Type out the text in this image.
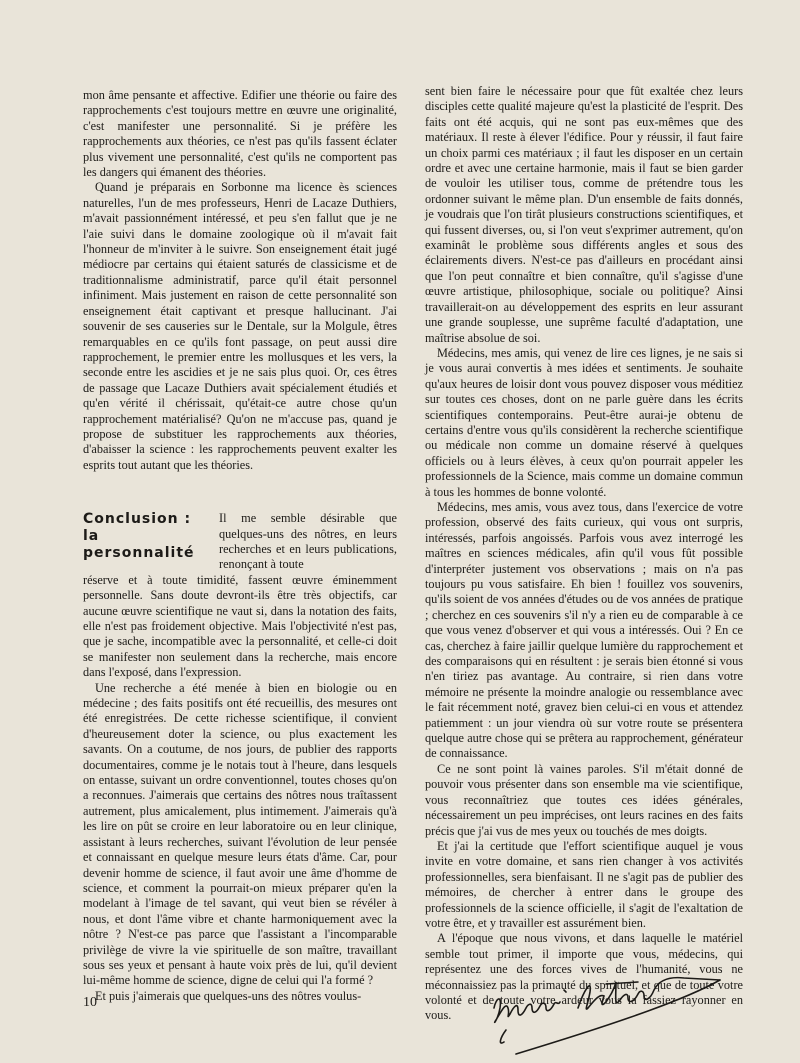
mon âme pensante et affective. Edifier une théorie ou faire des rapprochements c'est toujours mettre en œuvre une originalité, c'est manifester une personnalité. Si je préfère les rapprochements aux théories, ce n'est pas qu'ils fassent éclater plus vivement une personnalité, c'est qu'ils ne comportent pas les dangers qui émanent des théories.

Quand je préparais en Sorbonne ma licence ès sciences naturelles, l'un de mes professeurs, Henri de Lacaze Duthiers, m'avait passionnément intéressé, et peu s'en fallut que je ne l'aie suivi dans le domaine zoologique où il m'avait fait l'honneur de m'inviter à le suivre. Son enseignement était jugé médiocre par certains qui étaient saturés de classicisme et de traditionnalisme administratif, parce qu'il était personnel infiniment. Mais justement en raison de cette personnalité son enseignement était captivant et presque hallucinant. J'ai souvenir de ses causeries sur le Dentale, sur la Molgule, êtres remarquables en ce qu'ils font passage, on peut aussi dire rapprochement, le premier entre les mollusques et les vers, la seconde entre les ascidies et je ne sais plus quoi. Or, ces êtres de passage que Lacaze Duthiers avait spécialement étudiés et qu'en vérité il chérissait, qu'était-ce autre chose qu'un rapprochement matérialisé? Qu'on ne m'accuse pas, quand je propose de substituer les rapprochements aux théories, d'abaisser la science : les rapprochements peuvent exalter les esprits tout autant que les théories.

Conclusion :
la
personnalité
Il me semble désirable que quelques-uns des nôtres, en leurs recherches et en leurs publications, renonçant à toute

réserve et à toute timidité, fassent œuvre éminemment personnelle. Sans doute devront-ils être très objectifs, car aucune œuvre scientifique ne vaut si, dans la notation des faits, elle n'est pas froidement objective. Mais l'objectivité n'est pas, que je sache, incompatible avec la personnalité, et celle-ci doit se manifester non seulement dans la recherche, mais encore dans l'exposé, dans l'expression.

Une recherche a été menée à bien en biologie ou en médecine ; des faits positifs ont été recueillis, des mesures ont été enregistrées. De cette richesse scientifique, il convient d'heureusement doter la science, ou plus exactement les savants. On a coutume, de nos jours, de publier des rapports documentaires, comme je le notais tout à l'heure, dans lesquels on entasse, suivant un ordre conventionnel, toutes choses qu'on a reconnues. J'aimerais que certains des nôtres nous traîtassent autrement, plus amicalement, plus intimement. J'aimerais qu'à les lire on pût se croire en leur laboratoire ou en leur clinique, assistant à leurs recherches, suivant l'évolution de leur pensée et connaissant en quelque mesure leurs états d'âme. Car, pour devenir homme de science, il faut avoir une âme d'homme de science, et comment la pourrait-on mieux préparer qu'en la modelant à l'image de tel savant, qui veut bien se révéler à nous, et dont l'âme vibre et chante harmoniquement avec la nôtre ? N'est-ce pas parce que l'assistant a l'incomparable privilège de vivre la vie spirituelle de son maître, travaillant sous ses yeux et pensant à haute voix près de lui, qu'il devient lui-même homme de science, digne de celui qui l'a formé ?

Et puis j'aimerais que quelques-uns des nôtres voulus-

sent bien faire le nécessaire pour que fût exaltée chez leurs disciples cette qualité majeure qu'est la plasticité de l'esprit. Des faits ont été acquis, qui ne sont pas eux-mêmes que des matériaux. Il reste à élever l'édifice. Pour y réussir, il faut faire un choix parmi ces matériaux ; il faut les disposer en un certain ordre et avec une certaine harmonie, mais il faut se bien garder de vouloir les utiliser tous, comme de prétendre tous les ordonner suivant le même plan. D'un ensemble de faits donnés, je voudrais que l'on tirât plusieurs constructions scientifiques, et qui fussent diverses, ou, si l'on veut s'exprimer autrement, qu'on examinât le problème sous différents angles et sous des éclairements divers. N'est-ce pas d'ailleurs en procédant ainsi que l'on peut connaître et bien connaître, qu'il s'agisse d'une œuvre artistique, philosophique, sociale ou politique? Ainsi travaillerait-on au développement des esprits en leur assurant une grande souplesse, une suprême faculté d'adaptation, une maîtrise absolue de soi.

Médecins, mes amis, qui venez de lire ces lignes, je ne sais si je vous aurai convertis à mes idées et sentiments. Je souhaite qu'aux heures de loisir dont vous pouvez disposer vous méditiez sur toutes ces choses, dont on ne parle guère dans les écrits scientifiques contemporains. Peut-être aurai-je obtenu de certains d'entre vous qu'ils considèrent la recherche scientifique ou médicale non comme un domaine réservé à quelques officiels ou à leurs élèves, à ceux qu'on pourrait appeler les professionnels de la Science, mais comme un domaine commun à tous les hommes de bonne volonté.

Médecins, mes amis, vous avez tous, dans l'exercice de votre profession, observé des faits curieux, qui vous ont surpris, intéressés, parfois angoissés. Parfois vous avez interrogé les maîtres en sciences médicales, afin qu'il vous fût possible d'interpréter justement vos observations ; mais on n'a pas toujours pu vous satisfaire. Eh bien ! fouillez vos souvenirs, qu'ils soient de vos années d'études ou de vos années de pratique ; cherchez en ces souvenirs s'il n'y a rien eu de comparable à ce que vous venez d'observer et qui vous a intéressés. Oui ? En ce cas, cherchez à faire jaillir quelque lumière du rapprochement et des comparaisons qui en résultent : je serais bien étonné si vous n'en tiriez pas avantage. Au contraire, si rien dans votre mémoire ne présente la moindre analogie ou ressemblance avec le fait récemment noté, gravez bien celui-ci en vous et attendez patiemment : un jour viendra où sur votre route se présentera quelque autre chose qui se prêtera au rapprochement, générateur de connaissance.

Ce ne sont point là vaines paroles. S'il m'était donné de pouvoir vous présenter dans son ensemble ma vie scientifique, vous reconnaîtriez que toutes ces idées générales, nécessairement un peu imprécises, ont leurs racines en des faits précis que j'ai vus de mes yeux ou touchés de mes doigts.

Et j'ai la certitude que l'effort scientifique auquel je vous invite en votre domaine, et sans rien changer à vos activités professionnelles, sera bienfaisant. Il ne s'agit pas de publier des mémoires, de chercher à entrer dans le groupe des professionnels de la science officielle, il s'agit de l'exaltation de votre être, et y travailler est assurément bien.

A l'époque que nous vivons, et dans laquelle le matériel semble tout primer, il importe que vous, médecins, qui représentez une des forces vives de l'humanité, vous ne méconnaissiez pas la primauté du spirituel, et que de toute votre volonté et de toute votre ardeur vous la fassiez rayonner en vous.

10
